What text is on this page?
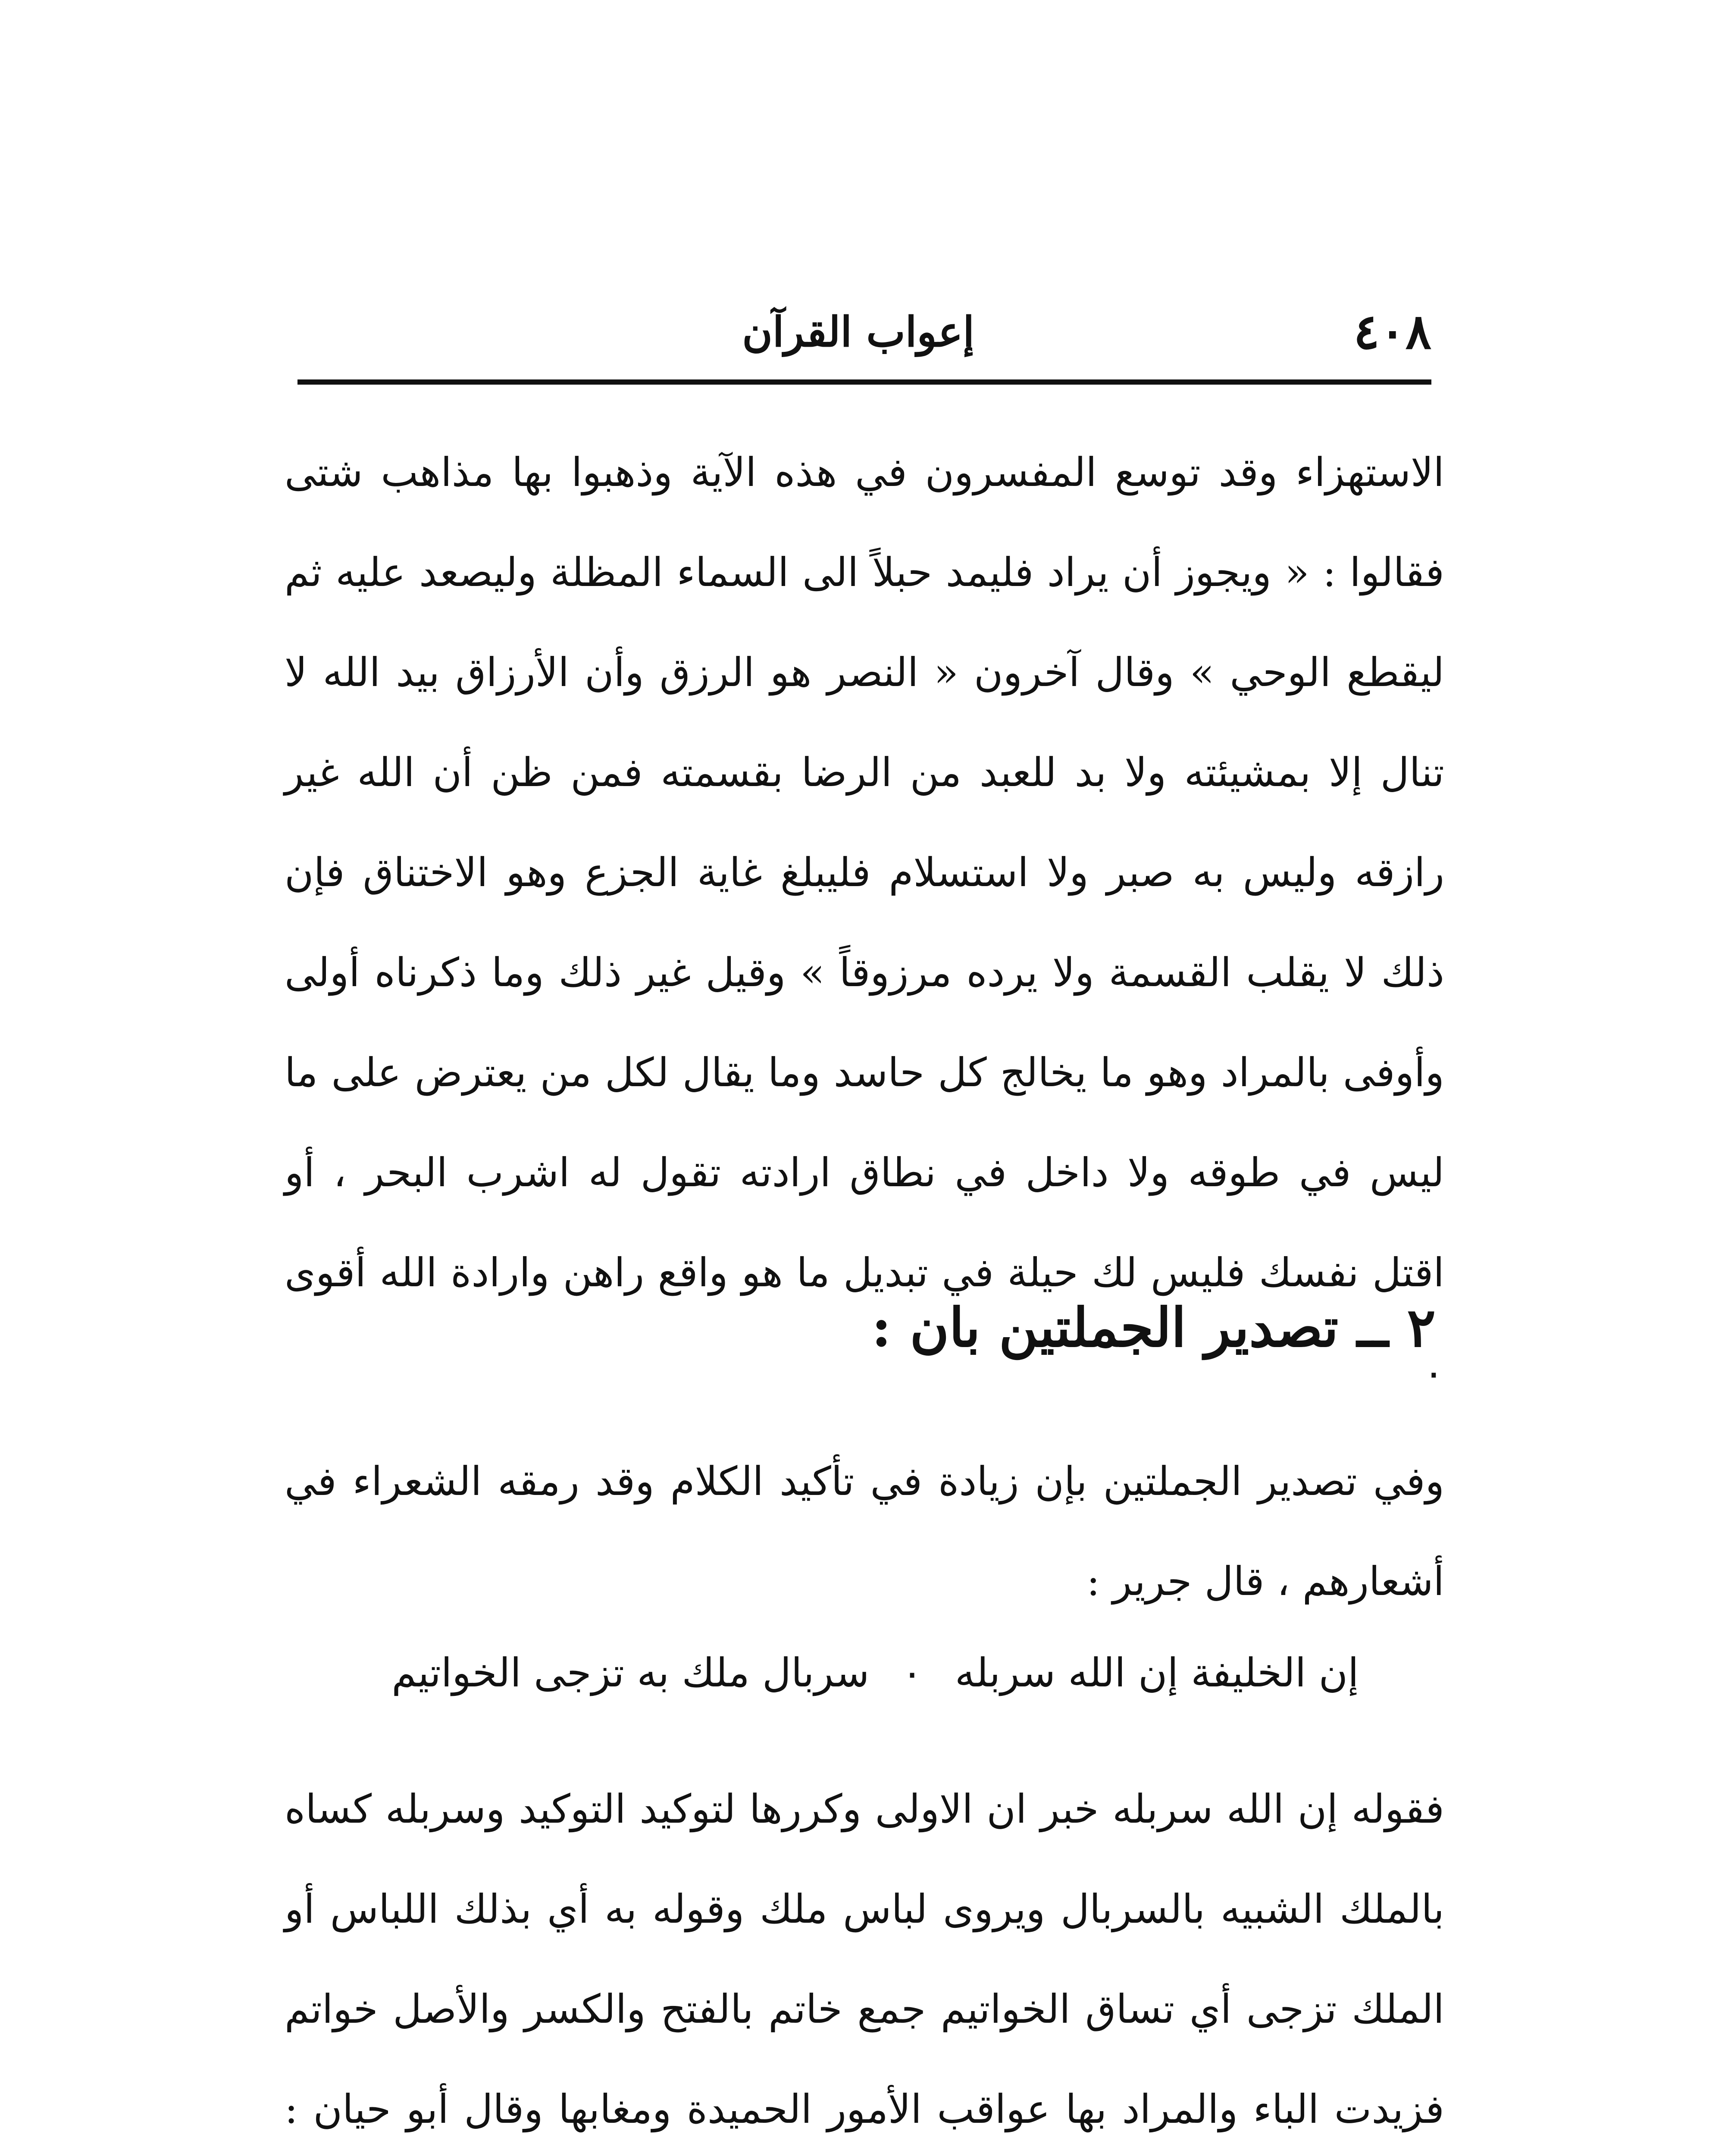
٤٠٨
إعواب القرآن

الاستهزاء وقد توسع المفسرون في هذه الآية وذهبوا بها مذاهب شتى فقالوا : « ويجوز أن يراد فليمد حبلاً الى السماء المظلة وليصعد عليه ثم ليقطع الوحي » وقال آخرون « النصر هو الرزق وأن الأرزاق بيد الله لا تنال إلا بمشيئته ولا بد للعبد من الرضا بقسمته فمن ظن أن الله غير رازقه وليس به صبر ولا استسلام فليبلغ غاية الجزع وهو الاختناق فإن ذلك لا يقلب القسمة ولا يرده مرزوقاً » وقيل غير ذلك وما ذكرناه أولى وأوفى بالمراد وهو ما يخالج كل حاسد وما يقال لكل من يعترض على ما ليس في طوقه ولا داخل في نطاق ارادته تقول له اشرب البحر ، أو اقتل نفسك فليس لك حيلة في تبديل ما هو واقع راهن وارادة الله أقوى ٠

٢ ــ تصدير الجملتين بان :

وفي تصدير الجملتين بإن زيادة في تأكيد الكلام وقد رمقه الشعراء في أشعارهم ، قال جرير :

إن الخليفة إن الله سربله ٠ سربال ملك به تزجى الخواتيم

فقوله إن الله سربله خبر ان الاولى وكررها لتوكيد التوكيد وسربله كساه بالملك الشبيه بالسربال ويروى لباس ملك وقوله به أي بذلك اللباس أو الملك تزجى أي تساق الخواتيم جمع خاتم بالفتح والكسر والأصل خواتم فزيدت الباء والمراد بها عواقب الأمور الحميدة ومغابها وقال أبو حيان :
